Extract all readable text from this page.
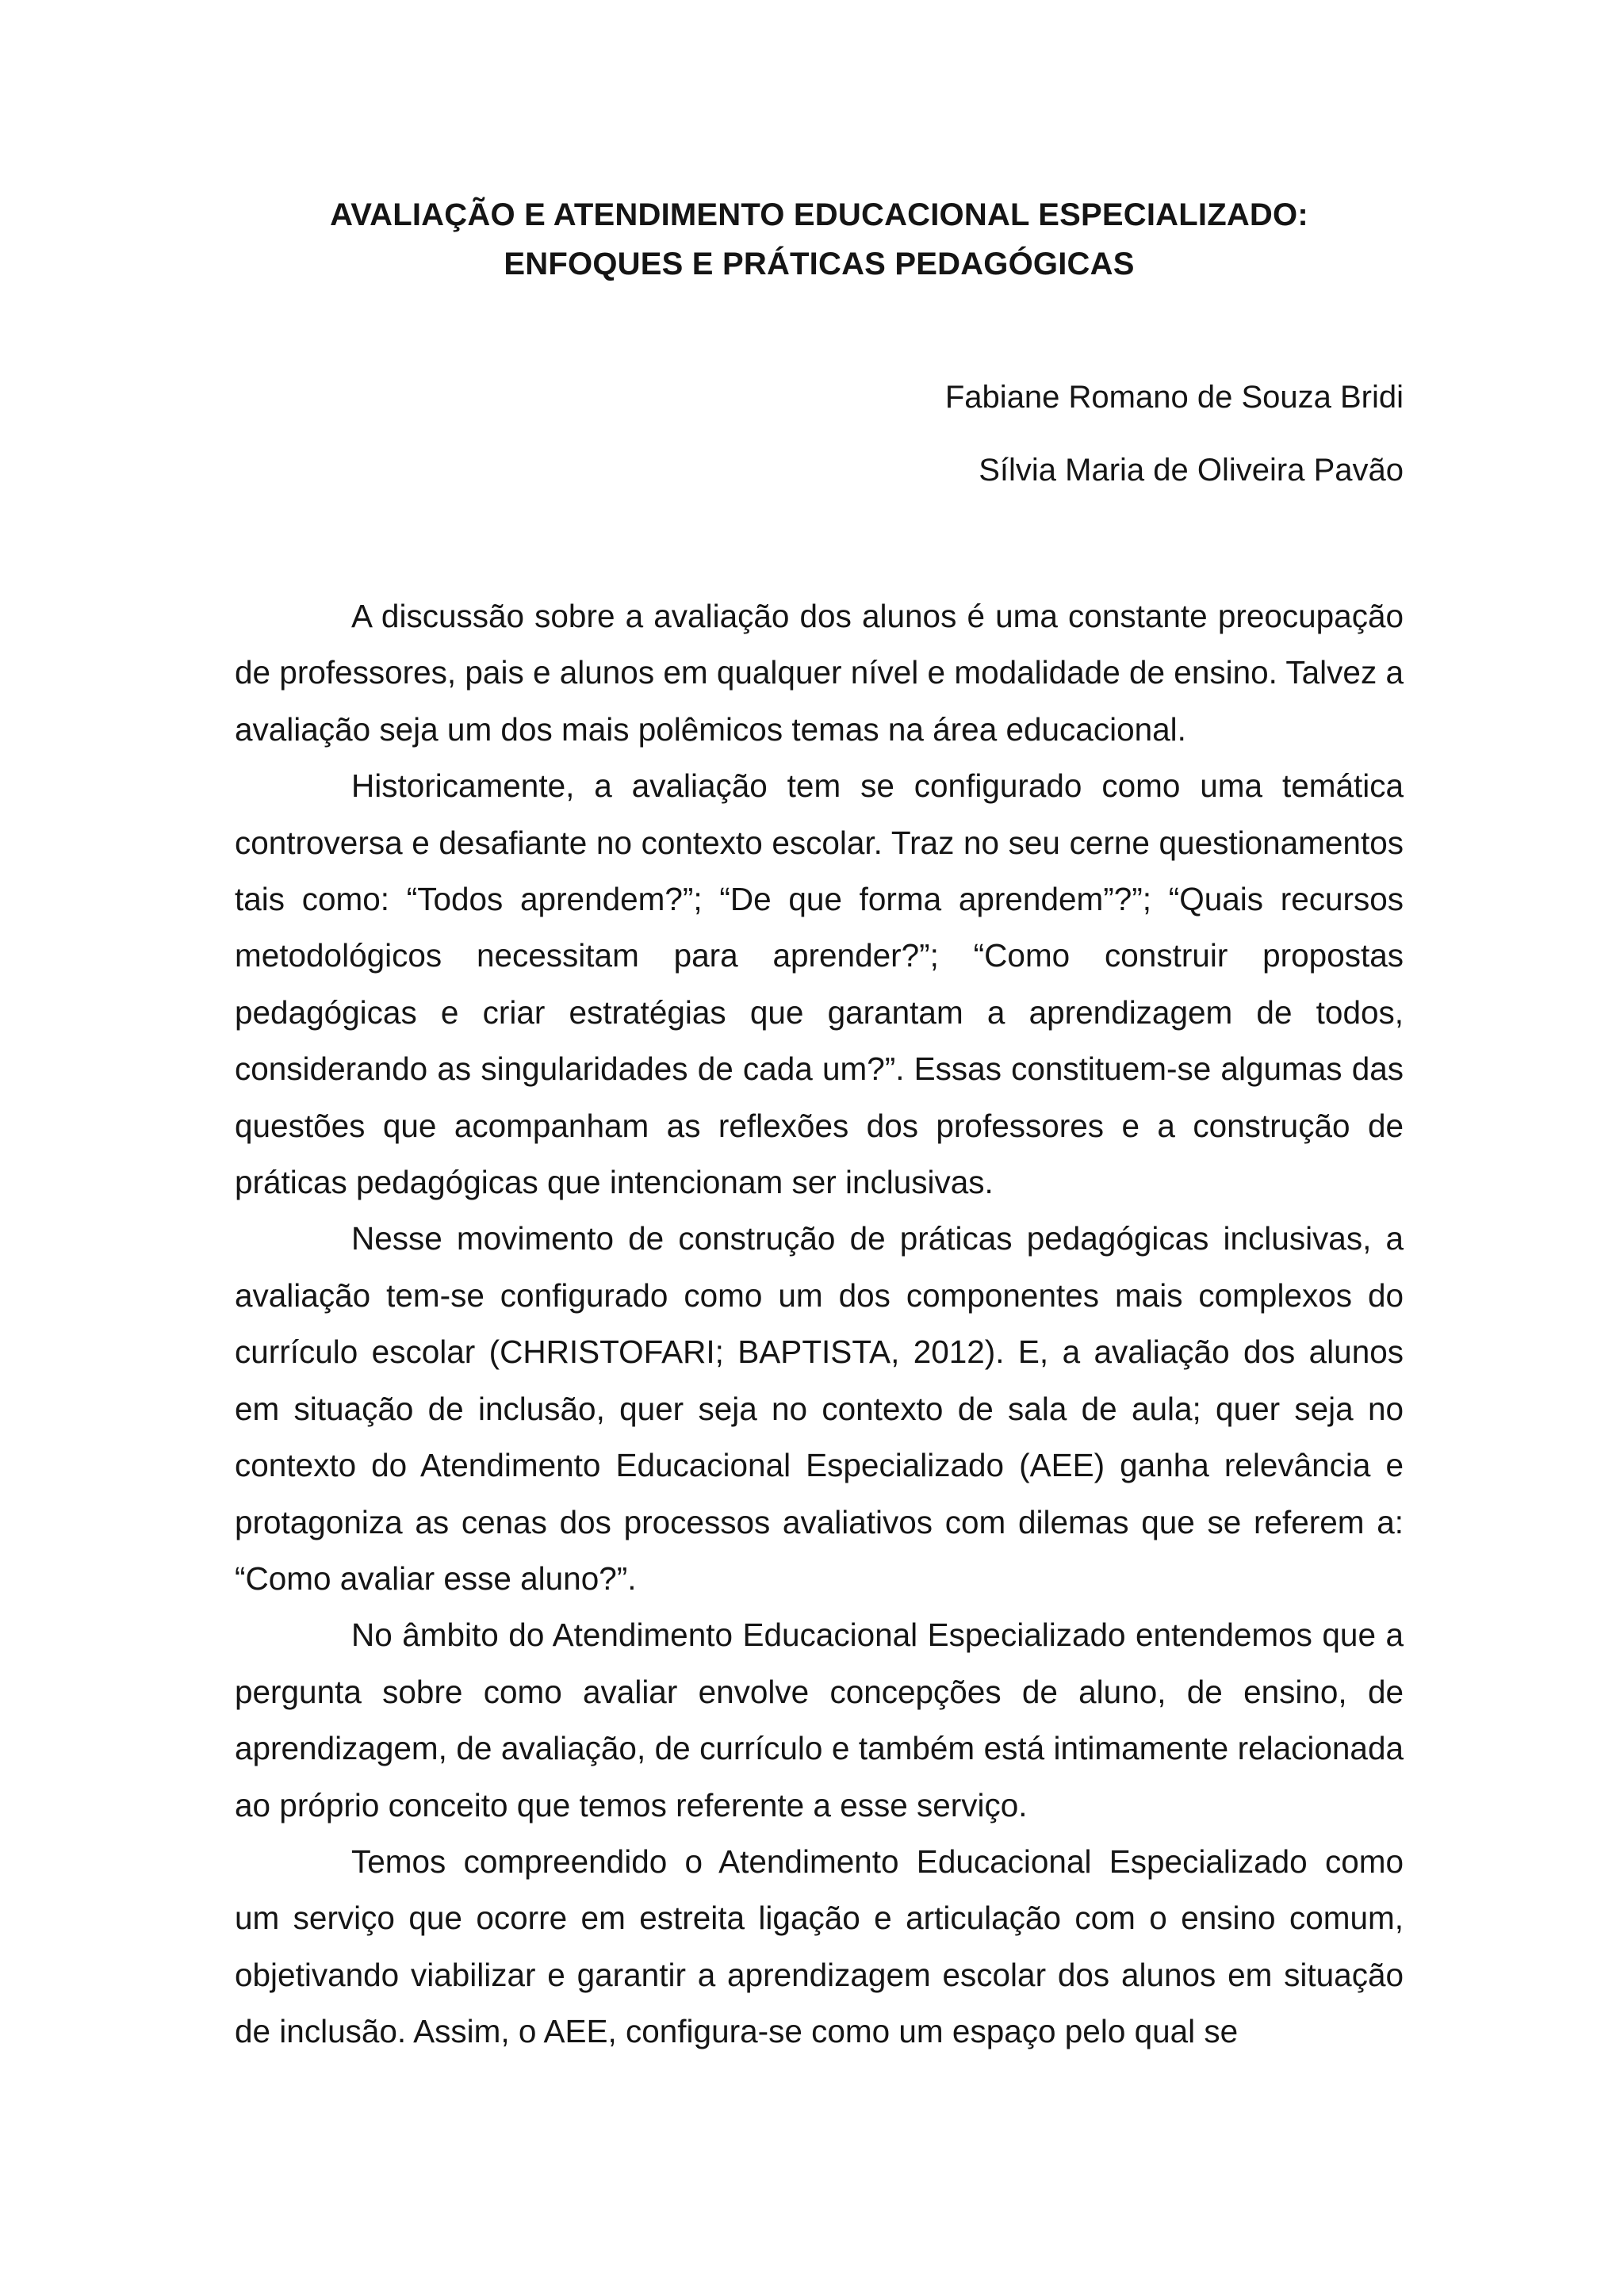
AVALIAÇÃO E ATENDIMENTO EDUCACIONAL ESPECIALIZADO:
ENFOQUES E PRÁTICAS PEDAGÓGICAS
Fabiane Romano de Souza Bridi
Sílvia Maria de Oliveira Pavão

A discussão sobre a avaliação dos alunos é uma constante preocupação de professores, pais e alunos em qualquer nível e modalidade de ensino. Talvez a avaliação seja um dos mais polêmicos temas na área educacional.

Historicamente, a avaliação tem se configurado como uma temática controversa e desafiante no contexto escolar. Traz no seu cerne questionamentos tais como: “Todos aprendem?”; “De que forma aprendem”?”; “Quais recursos metodológicos necessitam para aprender?”; “Como construir propostas pedagógicas e criar estratégias que garantam a aprendizagem de todos, considerando as singularidades de cada um?”. Essas constituem-se algumas das questões que acompanham as reflexões dos professores e a construção de práticas pedagógicas que intencionam ser inclusivas.

Nesse movimento de construção de práticas pedagógicas inclusivas, a avaliação tem-se configurado como um dos componentes mais complexos do currículo escolar (CHRISTOFARI; BAPTISTA, 2012). E, a avaliação dos alunos em situação de inclusão, quer seja no contexto de sala de aula; quer seja no contexto do Atendimento Educacional Especializado (AEE) ganha relevância e protagoniza as cenas dos processos avaliativos com dilemas que se referem a: “Como avaliar esse aluno?”.

No âmbito do Atendimento Educacional Especializado entendemos que a pergunta sobre como avaliar envolve concepções de aluno, de ensino, de aprendizagem, de avaliação, de currículo e também está intimamente relacionada ao próprio conceito que temos referente a esse serviço.

Temos compreendido o Atendimento Educacional Especializado como um serviço que ocorre em estreita ligação e articulação com o ensino comum, objetivando viabilizar e garantir a aprendizagem escolar dos alunos em situação de inclusão. Assim, o AEE, configura-se como um espaço pelo qual se
